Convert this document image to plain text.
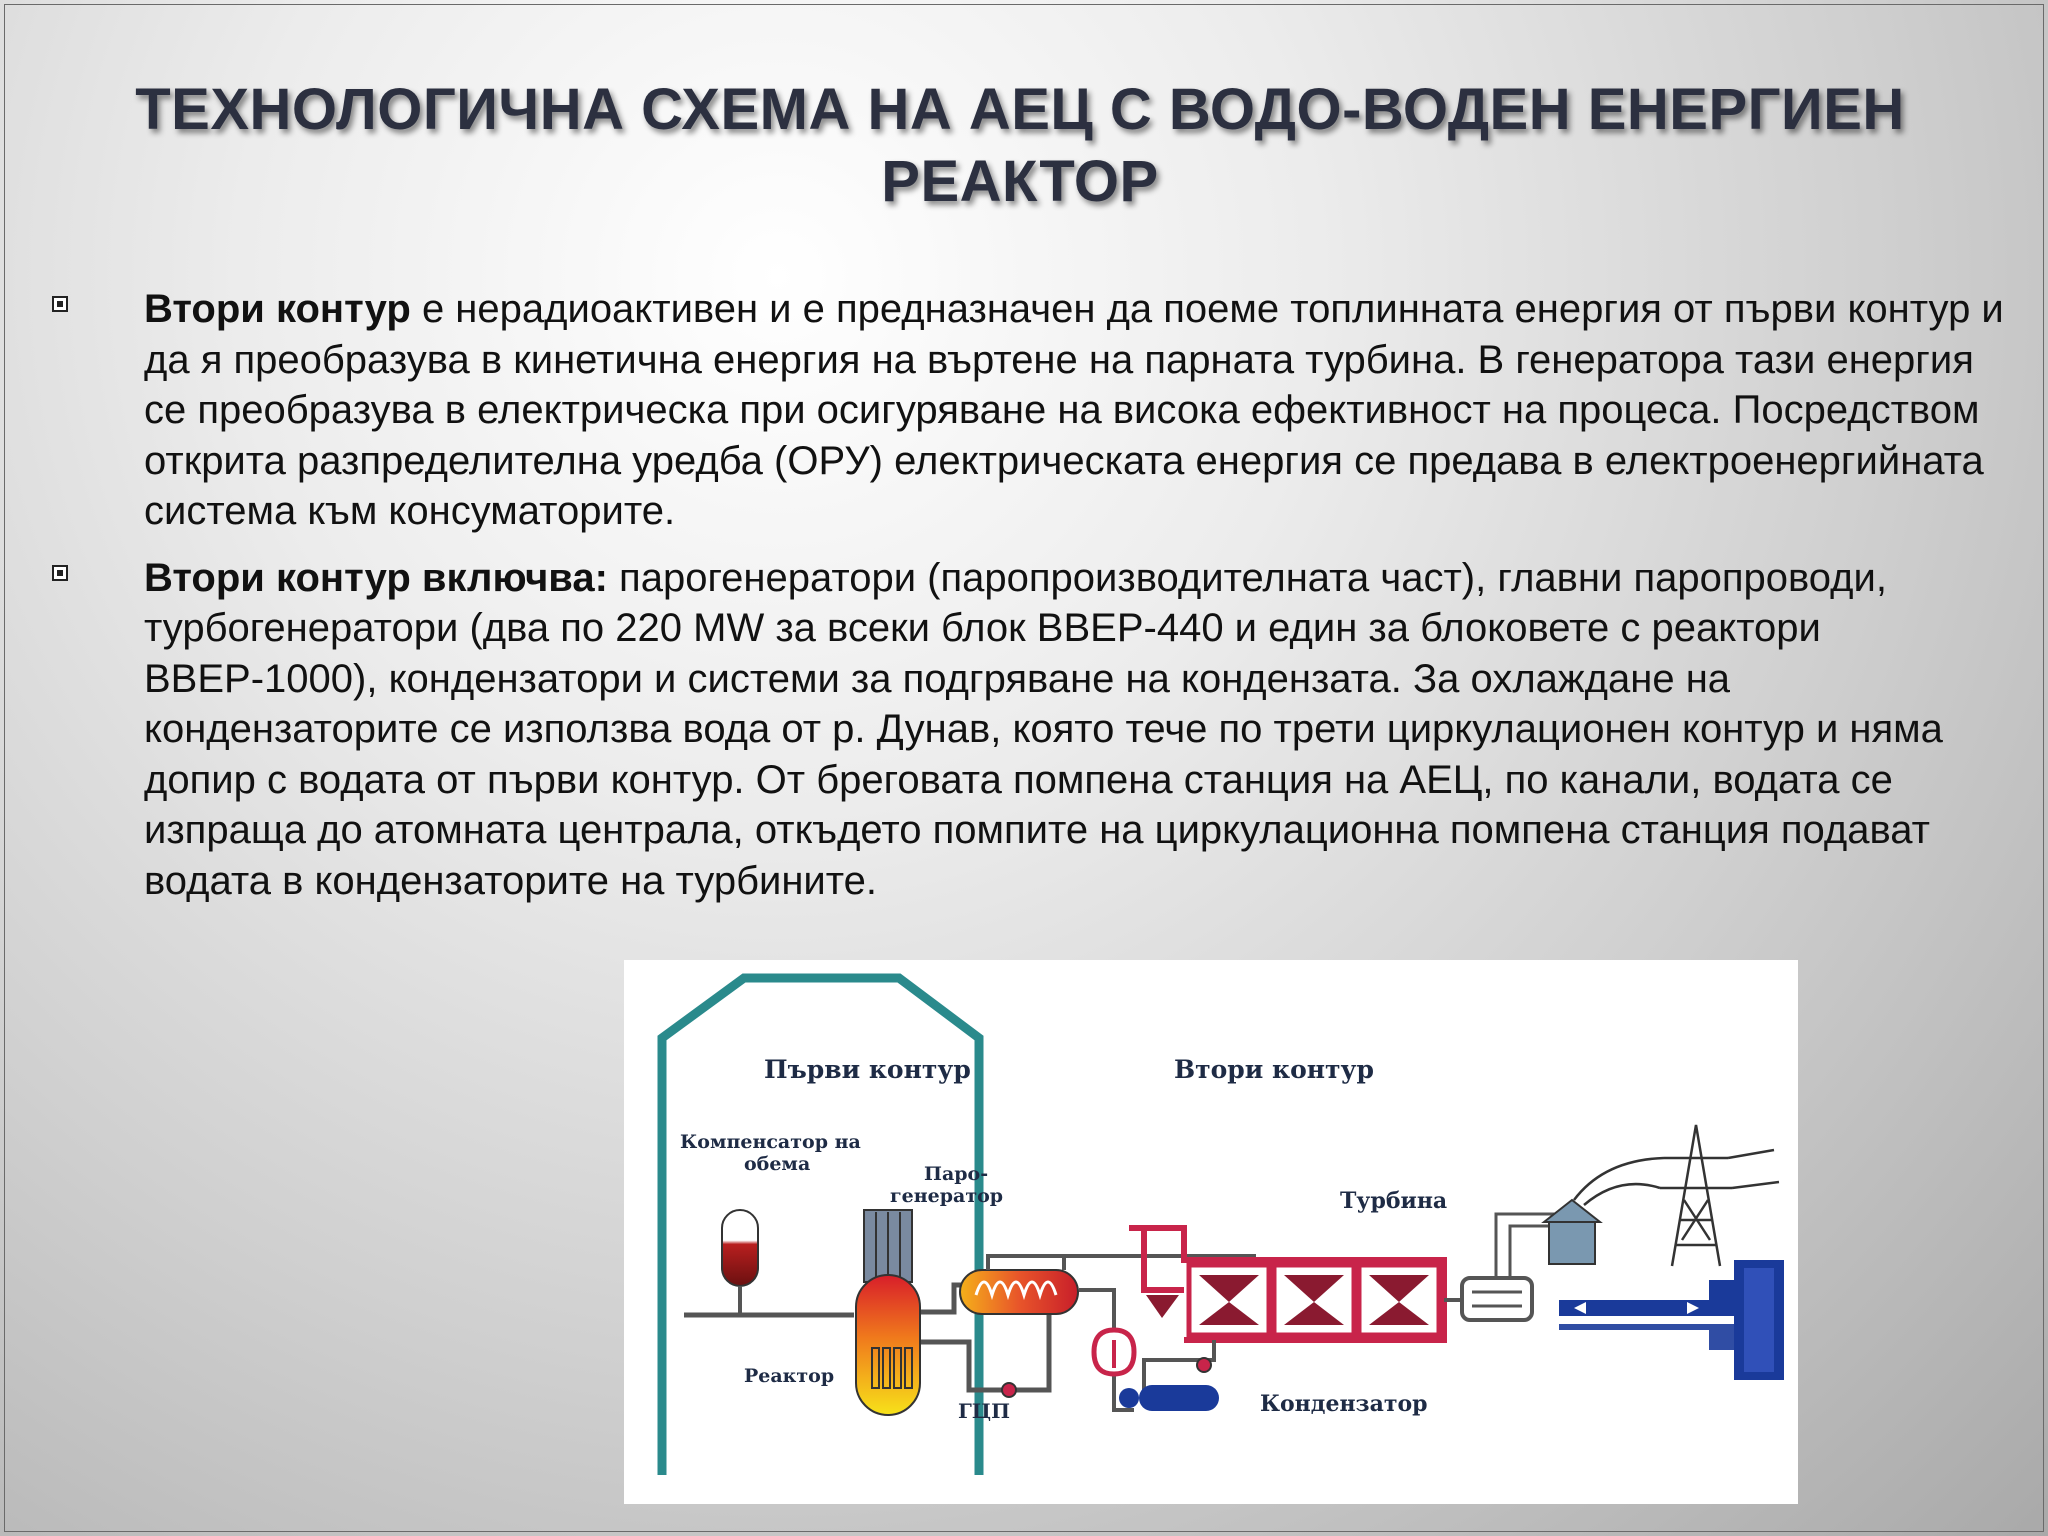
ТЕХНОЛОГИЧНА СХЕМА НА АЕЦ С ВОДО-ВОДЕН ЕНЕРГИЕН
РЕАКТОР
Втори контур е нерадиоактивен и е предназначен да поеме топлинната енергия от първи контур и да я преобразува в кинетична енергия на въртене на парната турбина. В генератора тази енергия се преобразува в електрическа при осигуряване на висока ефективност на процеса. Посредством открита разпределителна уредба (ОРУ) електрическата енергия се предава в електроенергийната система към консуматорите.
Втори контур включва: парогенератори (паропроизводителната част), главни паропроводи, турбогенератори (два по 220 MW за всеки блок ВВЕР-440 и един за блоковете с реактори ВВЕР-1000), кондензатори и системи за подгряване на кондензата. За охлаждане на кондензаторите се използва вода от р. Дунав, която тече по трети циркулационен контур и няма допир с водата от първи контур. От бреговата помпена станция на АЕЦ, по канали, водата се изпраща до атомната централа, откъдето помпите на циркулационна помпена станция подават водата в кондензаторите на турбините.
Първи контур	Втори контур
Компенсатор на
обема	Паро-
генератор	Турбина
Реактор
ГЦП	Кондензатор
